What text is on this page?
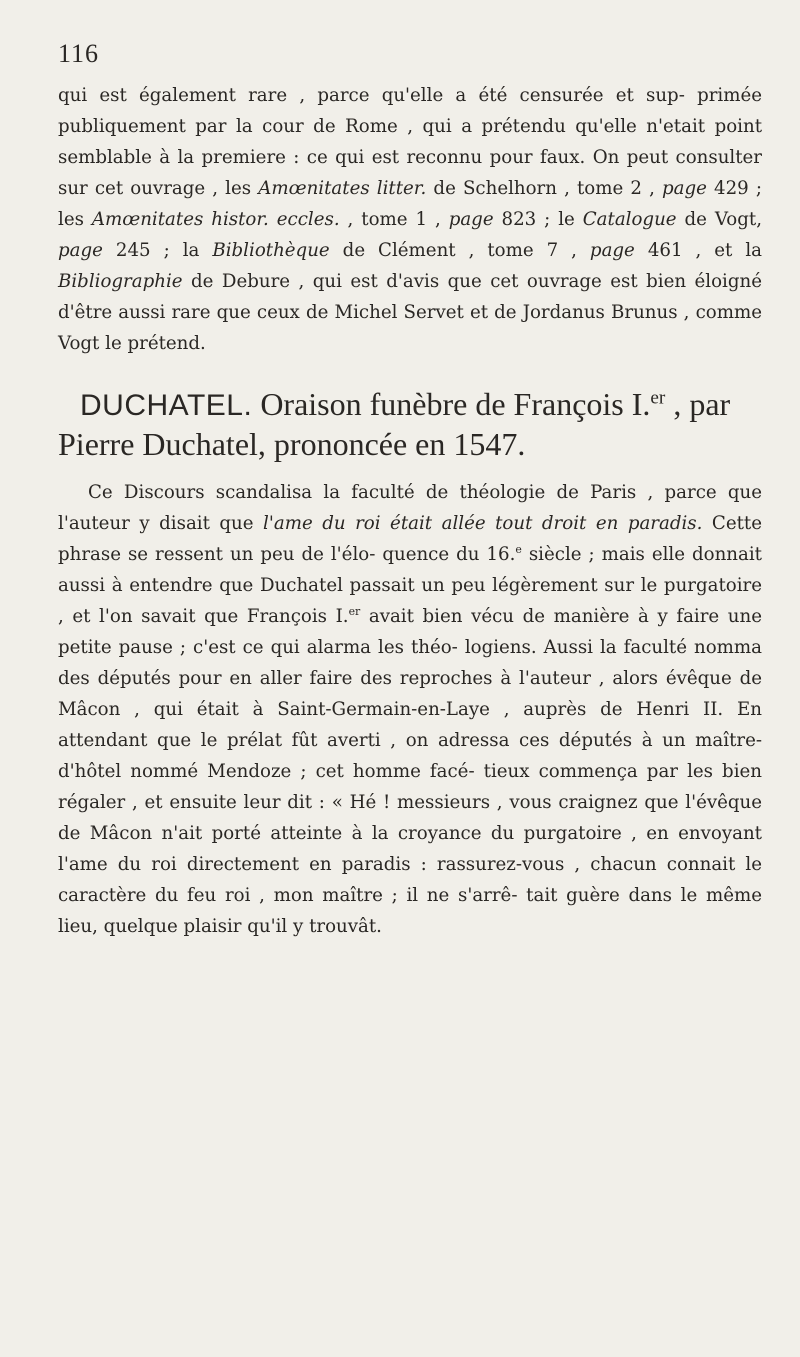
116

qui est également rare , parce qu'elle a été censurée et sup- primée publiquement par la cour de Rome , qui a prétendu qu'elle n'etait point semblable à la premiere : ce qui est reconnu pour faux. On peut consulter sur cet ouvrage , les Amœnitates litter. de Schelhorn , tome 2 , page 429 ; les Amœnitates histor. eccles. , tome 1 , page 823 ; le Catalogue de Vogt, page 245 ; la Bibliothèque de Clément , tome 7 , page 461 , et la Bibliographie de Debure , qui est d'avis que cet ouvrage est bien éloigné d'être aussi rare que ceux de Michel Servet et de Jordanus Brunus , comme Vogt le prétend.

DUCHATEL. Oraison funèbre de François I.$^{er}$ , par Pierre Duchatel, prononcée en 1547.

Ce Discours scandalisa la faculté de théologie de Paris , parce que l'auteur y disait que l'ame du roi était allée tout droit en paradis. Cette phrase se ressent un peu de l'élo- quence du 16.$^e$ siècle ; mais elle donnait aussi à entendre que Duchatel passait un peu légèrement sur le purgatoire , et l'on savait que François I.$^{er}$ avait bien vécu de manière à y faire une petite pause ; c'est ce qui alarma les théo- logiens. Aussi la faculté nomma des députés pour en aller faire des reproches à l'auteur , alors évêque de Mâcon , qui était à Saint-Germain-en-Laye , auprès de Henri II. En attendant que le prélat fût averti , on adressa ces députés à un maître-d'hôtel nommé Mendoze ; cet homme facé- tieux commença par les bien régaler , et ensuite leur dit : « Hé ! messieurs , vous craignez que l'évêque de Mâcon n'ait porté atteinte à la croyance du purgatoire , en envoyant l'ame du roi directement en paradis : rassurez-vous , chacun connait le caractère du feu roi , mon maître ; il ne s'arrê- tait guère dans le même lieu, quelque plaisir qu'il y trouvât.
